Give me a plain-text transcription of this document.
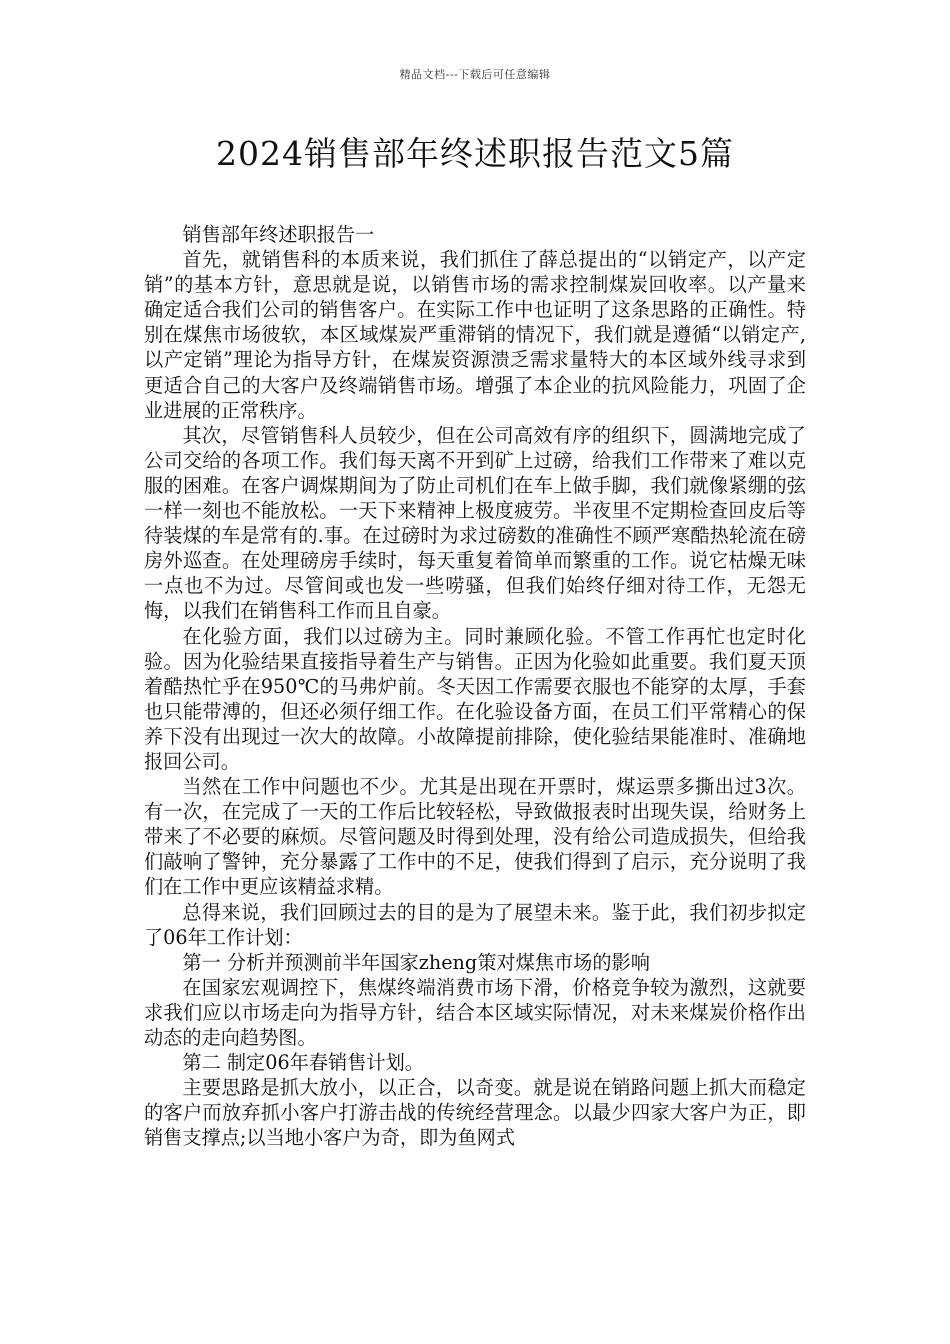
精品文档---下载后可任意编辑
2024销售部年终述职报告范文5篇

销售部年终述职报告一

首先，就销售科的本质来说，我们抓住了薛总提出的“以销定产，以产定销”的基本方针，意思就是说，以销售市场的需求控制煤炭回收率。以产量来确定适合我们公司的销售客户。在实际工作中也证明了这条思路的正确性。特别在煤焦市场彼软，本区域煤炭严重滞销的情况下，我们就是遵循“以销定产,以产定销”理论为指导方针，在煤炭资源溃乏需求量特大的本区域外线寻求到更适合自己的大客户及终端销售市场。增强了本企业的抗风险能力，巩固了企业进展的正常秩序。

其次，尽管销售科人员较少，但在公司高效有序的组织下，圆满地完成了公司交给的各项工作。我们每天离不开到矿上过磅，给我们工作带来了难以克服的困难。在客户调煤期间为了防止司机们在车上做手脚，我们就像紧绷的弦一样一刻也不能放松。一天下来精神上极度疲劳。半夜里不定期检查回皮后等待装煤的车是常有的.事。在过磅时为求过磅数的准确性不顾严寒酷热轮流在磅房外巡查。在处理磅房手续时，每天重复着简单而繁重的工作。说它枯燥无味一点也不为过。尽管间或也发一些唠骚，但我们始终仔细对待工作，无怨无悔，以我们在销售科工作而且自豪。

在化验方面，我们以过磅为主。同时兼顾化验。不管工作再忙也定时化验。因为化验结果直接指导着生产与销售。正因为化验如此重要。我们夏天顶着酷热忙乎在950℃的马弗炉前。冬天因工作需要衣服也不能穿的太厚，手套也只能带溥的，但还必须仔细工作。在化验设备方面，在员工们平常精心的保养下没有出现过一次大的故障。小故障提前排除，使化验结果能准时、准确地报回公司。

当然在工作中问题也不少。尤其是出现在开票时，煤运票多撕出过3次。有一次，在完成了一天的工作后比较轻松，导致做报表时出现失误，给财务上带来了不必要的麻烦。尽管问题及时得到处理，没有给公司造成损失，但给我们敲响了警钟，充分暴露了工作中的不足，使我们得到了启示，充分说明了我们在工作中更应该精益求精。

总得来说，我们回顾过去的目的是为了展望未来。鉴于此，我们初步拟定了06年工作计划：

第一 分析并预测前半年国家zheng策对煤焦市场的影响

在国家宏观调控下，焦煤终端消费市场下滑，价格竞争较为激烈，这就要求我们应以市场走向为指导方针，结合本区域实际情况，对未来煤炭价格作出动态的走向趋势图。

第二 制定06年春销售计划。

主要思路是抓大放小，以正合，以奇变。就是说在销路问题上抓大而稳定的客户而放弃抓小客户打游击战的传统经营理念。以最少四家大客户为正，即销售支撑点;以当地小客户为奇，即为鱼网式
